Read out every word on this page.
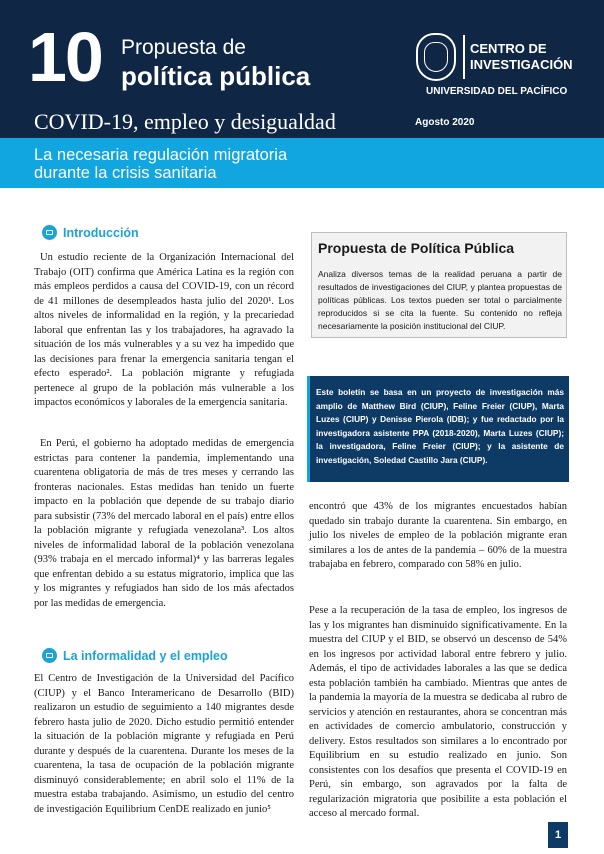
10 Propuesta de
política pública
CENTRO DE
INVESTIGACIÓN
UNIVERSIDAD DEL PACÍFICO
COVID-19, empleo y desigualdad	Agosto 2020
La necesaria regulación migratoria
durante la crisis sanitaria
Introducción
Un estudio reciente de la Organización Internacional del Trabajo (OIT) confirma que América Latina es la región con más empleos perdidos a causa del COVID-19, con un récord de 41 millones de desempleados hasta julio del 2020¹. Los altos niveles de informalidad en la región, y la precariedad laboral que enfrentan las y los trabajadores, ha agravado la situación de los más vulnerables y a su vez ha impedido que las decisiones para frenar la emergencia sanitaria tengan el efecto esperado². La población migrante y refugiada pertenece al grupo de la población más vulnerable a los impactos económicos y laborales de la emergencia sanitaria.
En Perú, el gobierno ha adoptado medidas de emergencia estrictas para contener la pandemia, implementando una cuarentena obligatoria de más de tres meses y cerrando las fronteras nacionales. Estas medidas han tenido un fuerte impacto en la población que depende de su trabajo diario para subsistir (73% del mercado laboral en el país) entre ellos la población migrante y refugiada venezolana³. Los altos niveles de informalidad laboral de la población venezolana (93% trabaja en el mercado informal)⁴ y las barreras legales que enfrentan debido a su estatus migratorio, implica que las y los migrantes y refugiados han sido de los más afectados por las medidas de emergencia.
La informalidad y el empleo
El Centro de Investigación de la Universidad del Pacífico (CIUP) y el Banco Interamericano de Desarrollo (BID) realizaron un estudio de seguimiento a 140 migrantes desde febrero hasta julio de 2020. Dicho estudio permitió entender la situación de la población migrante y refugiada en Perú durante y después de la cuarentena. Durante los meses de la cuarentena, la tasa de ocupación de la población migrante disminuyó considerablemente; en abril solo el 11% de la muestra estaba trabajando. Asimismo, un estudio del centro de investigación Equilibrium CenDE realizado en junio⁵
Propuesta de Política Pública
Analiza diversos temas de la realidad peruana a partir de resultados de investigaciones del CIUP, y plantea propuestas de políticas públicas. Los textos pueden ser total o parcialmente reproducidos si se cita la fuente. Su contenido no refleja necesariamente la posición institucional del CIUP.
Este boletín se basa en un proyecto de investigación más amplio de Matthew Bird (CIUP), Feline Freier (CIUP), Marta Luzes (CIUP) y Denisse Pierola (IDB); y fue redactado por la investigadora asistente PPA (2018-2020), Marta Luzes (CIUP); la investigadora, Feline Freier (CIUP); y la asistente de investigación, Soledad Castillo Jara (CIUP).
encontró que 43% de los migrantes encuestados habían quedado sin trabajo durante la cuarentena. Sin embargo, en julio los niveles de empleo de la población migrante eran similares a los de antes de la pandemia – 60% de la muestra trabajaba en febrero, comparado con 58% en julio.
Pese a la recuperación de la tasa de empleo, los ingresos de las y los migrantes han disminuido significativamente. En la muestra del CIUP y el BID, se observó un descenso de 54% en los ingresos por actividad laboral entre febrero y julio. Además, el tipo de actividades laborales a las que se dedica esta población también ha cambiado. Mientras que antes de la pandemia la mayoría de la muestra se dedicaba al rubro de servicios y atención en restaurantes, ahora se concentran más en actividades de comercio ambulatorio, construcción y delivery. Estos resultados son similares a lo encontrado por Equilibrium en su estudio realizado en junio. Son consistentes con los desafíos que presenta el COVID-19 en Perú, sin embargo, son agravados por la falta de regularización migratoria que posibilite a esta población el acceso al mercado formal.
1
